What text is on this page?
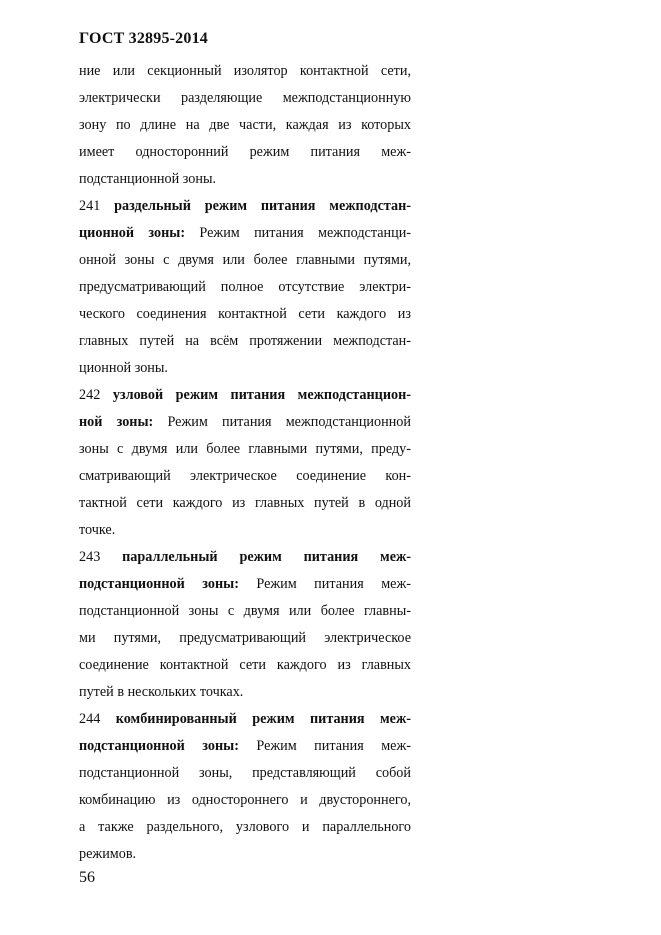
ГОСТ 32895-2014
ние или секционный изолятор контактной сети,
электрически разделяющие межподстанционную
зону по длине на две части, каждая из которых
имеет односторонний режим питания меж-
подстанционной зоны.
241 раздельный режим питания межподстан-
ционной зоны: Режим питания межподстанци-
онной зоны с двумя или более главными путями,
предусматривающий полное отсутствие электри-
ческого соединения контактной сети каждого из
главных путей на всём протяжении межподстан-
ционной зоны.
242 узловой режим питания межподстанцион-
ной зоны: Режим питания межподстанционной
зоны с двумя или более главными путями, преду-
сматривающий электрическое соединение кон-
тактной сети каждого из главных путей в одной
точке.
243 параллельный режим питания меж-
подстанционной зоны: Режим питания меж-
подстанционной зоны с двумя или более главны-
ми путями, предусматривающий электрическое
соединение контактной сети каждого из главных
путей в нескольких точках.
244 комбинированный режим питания меж-
подстанционной зоны: Режим питания меж-
подстанционной зоны, представляющий собой
комбинацию из одностороннего и двустороннего,
а также раздельного, узлового и параллельного
режимов.
56
